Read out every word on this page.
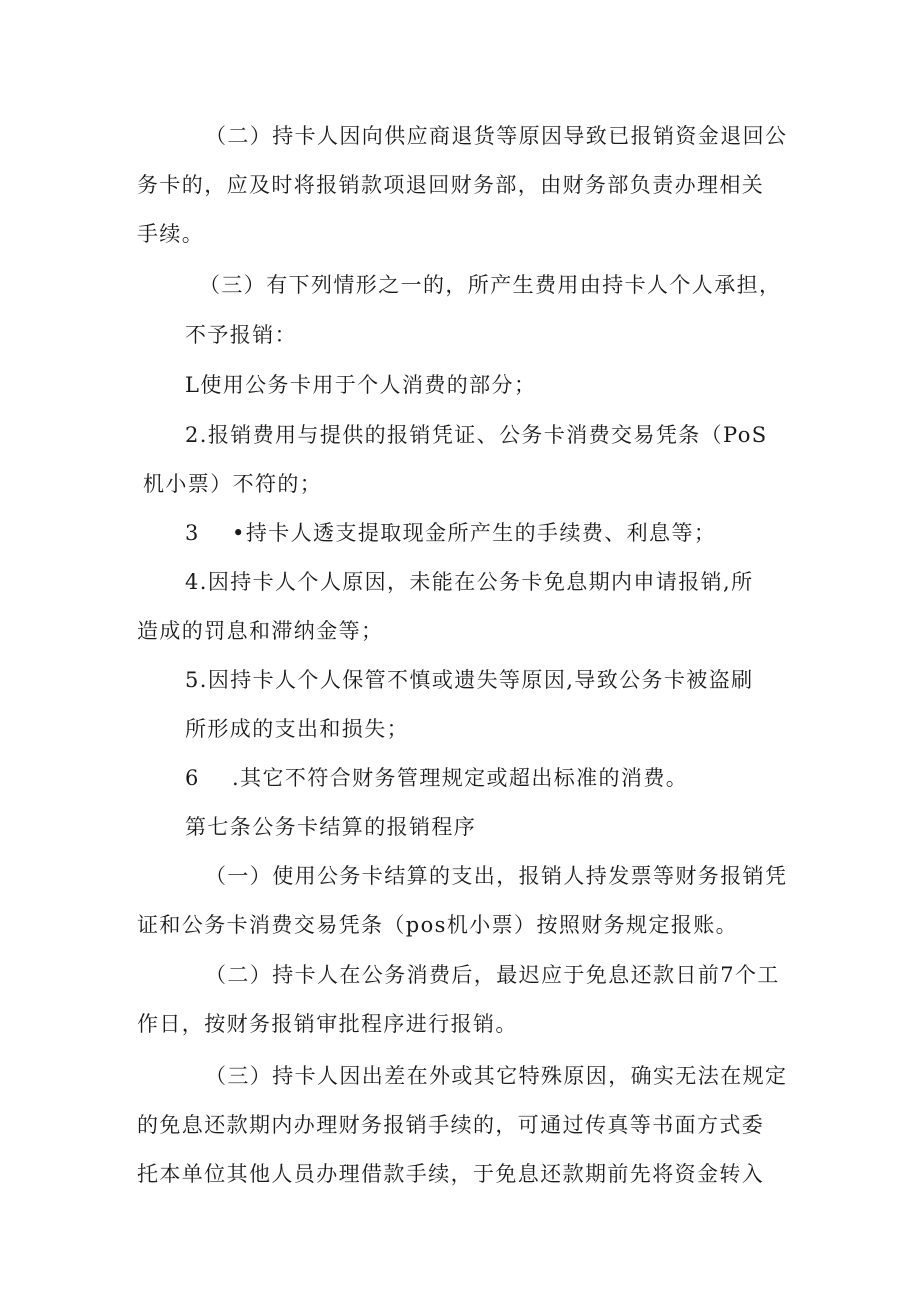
（二）持卡人因向供应商退货等原因导致已报销资金退回公
务卡的，应及时将报销款项退回财务部，由财务部负责办理相关
手续。
（三）有下列情形之一的，所产生费用由持卡人个人承担，
不予报销：
L使用公务卡用于个人消费的部分；
2.报销费用与提供的报销凭证、公务卡消费交易凭条（PoS
机小票）不符的；
3    •持卡人透支提取现金所产生的手续费、利息等；
4.因持卡人个人原因，未能在公务卡免息期内申请报销,所
造成的罚息和滞纳金等；
5.因持卡人个人保管不慎或遗失等原因,导致公务卡被盗刷
所形成的支出和损失；
6    .其它不符合财务管理规定或超出标准的消费。
第七条公务卡结算的报销程序
（一）使用公务卡结算的支出，报销人持发票等财务报销凭
证和公务卡消费交易凭条（pos机小票）按照财务规定报账。
（二）持卡人在公务消费后，最迟应于免息还款日前7个工
作日，按财务报销审批程序进行报销。
（三）持卡人因出差在外或其它特殊原因，确实无法在规定
的免息还款期内办理财务报销手续的，可通过传真等书面方式委
托本单位其他人员办理借款手续，于免息还款期前先将资金转入
